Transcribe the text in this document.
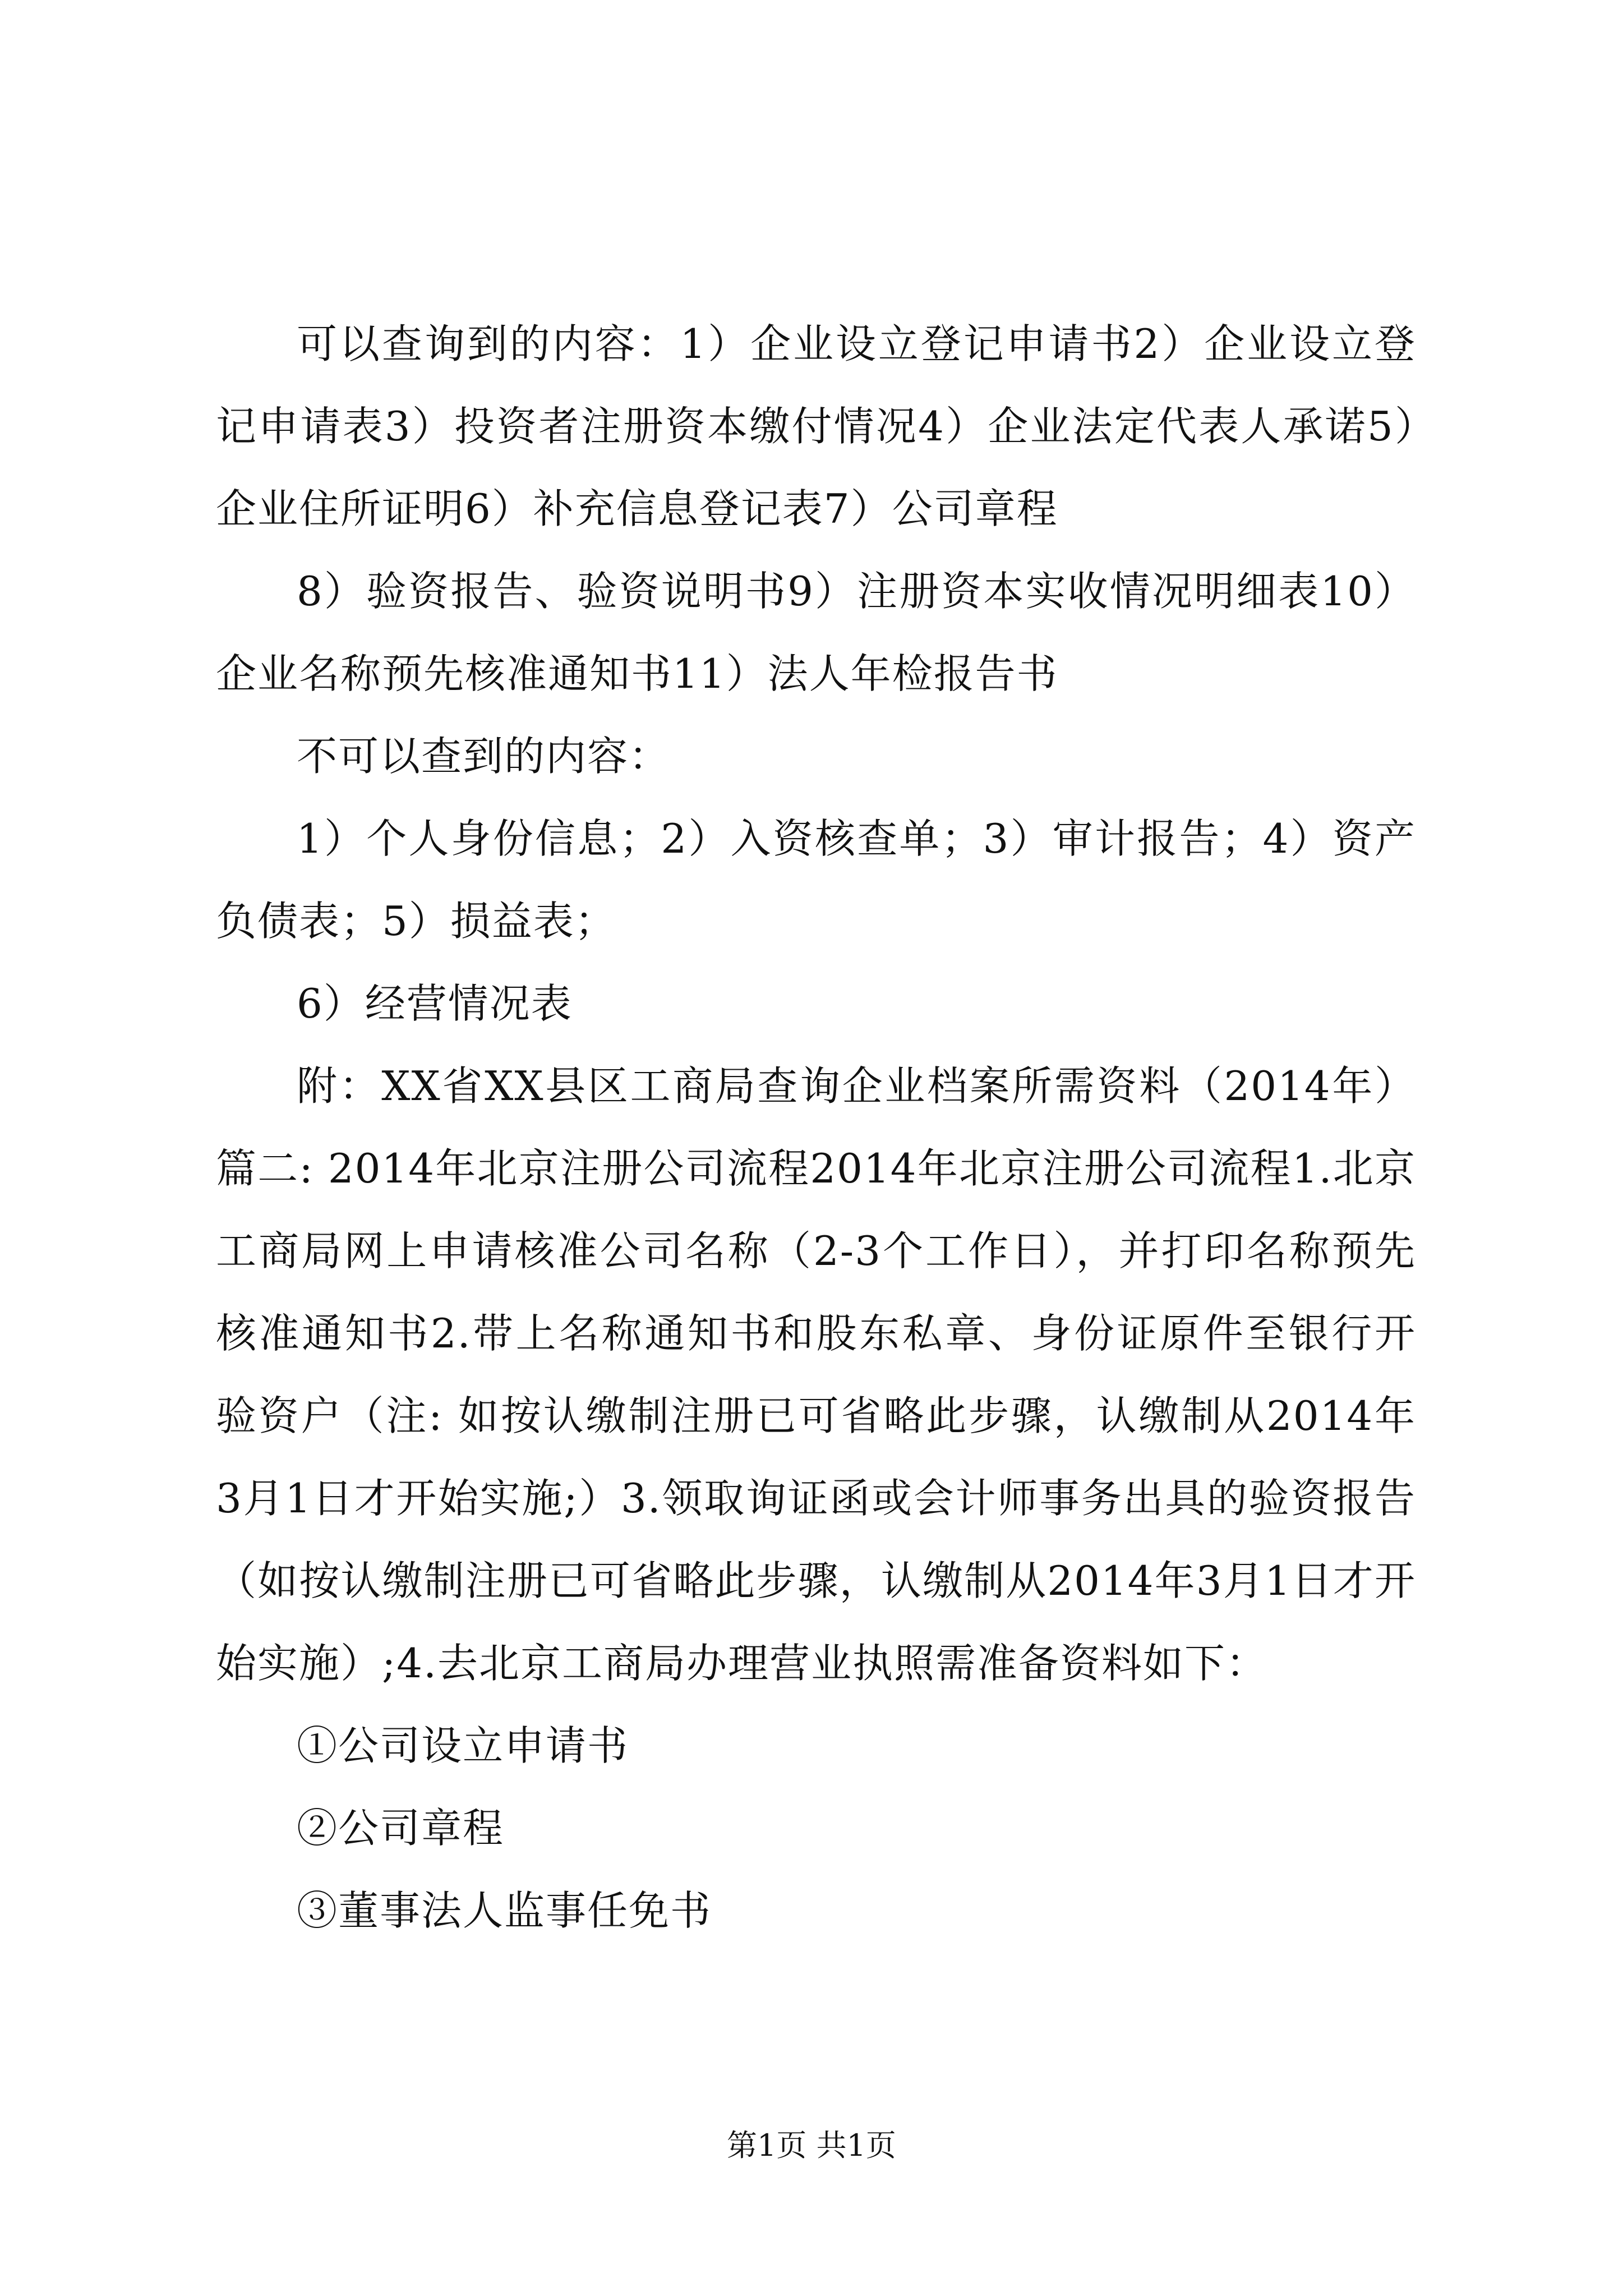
可以查询到的内容：1）企业设立登记申请书2）企业设立登记申请表3）投资者注册资本缴付情况4）企业法定代表人承诺5）企业住所证明6）补充信息登记表7）公司章程

8）验资报告、验资说明书9）注册资本实收情况明细表10）企业名称预先核准通知书11）法人年检报告书

不可以查到的内容：

1）个人身份信息；2）入资核查单；3）审计报告；4）资产负债表；5）损益表；

6）经营情况表

附：XX省XX县区工商局查询企业档案所需资料（2014年）篇二: 2014年北京注册公司流程2014年北京注册公司流程1.北京工商局网上申请核准公司名称（2-3个工作日），并打印名称预先核准通知书2.带上名称通知书和股东私章、身份证原件至银行开验资户（注: 如按认缴制注册已可省略此步骤，认缴制从2014年3月1日才开始实施;）3.领取询证函或会计师事务出具的验资报告（如按认缴制注册已可省略此步骤，认缴制从2014年3月1日才开始实施）;4.去北京工商局办理营业执照需准备资料如下：

①公司设立申请书

②公司章程

③董事法人监事任免书

第1页 共1页
